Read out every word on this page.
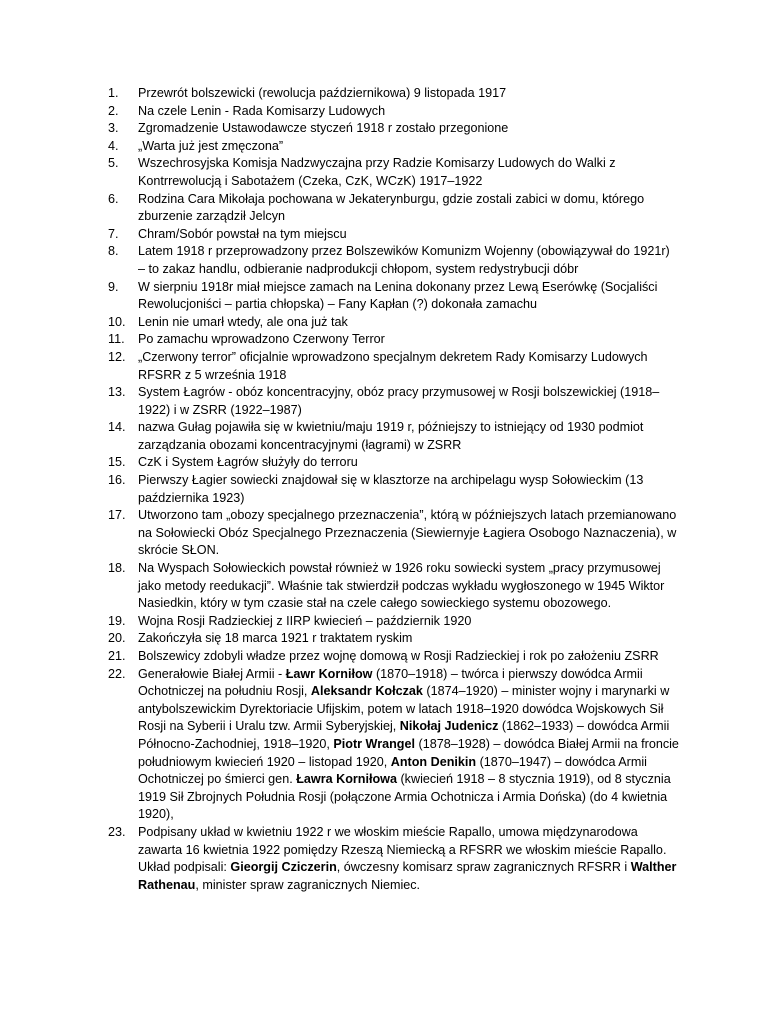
1.	Przewrót bolszewicki (rewolucja październikowa) 9 listopada 1917
2.	Na czele Lenin - Rada Komisarzy Ludowych
3.	Zgromadzenie Ustawodawcze styczeń 1918 r zostało przegonione
4.	„Warta już jest zmęczona”
5.	Wszechrosyjska Komisja Nadzwyczajna przy Radzie Komisarzy Ludowych do Walki z Kontrrewolucją i Sabotażem (Czeka, CzK, WCzK) 1917–1922
6.	Rodzina Cara Mikołaja pochowana w Jekaterynburgu, gdzie zostali zabici w domu, którego zburzenie zarządził Jelcyn
7.	Chram/Sobór powstał na tym miejscu
8.	Latem 1918 r przeprowadzony przez Bolszewików Komunizm Wojenny (obowiązywał do 1921r) – to zakaz handlu, odbieranie nadprodukcji chłopom, system redystrybucji dóbr
9.	W sierpniu 1918r miał miejsce zamach na Lenina dokonany przez Lewą Eserówkę (Socjaliści Rewolucjoniści – partia chłopska) – Fany Kapłan (?) dokonała zamachu
10. Lenin nie umarł wtedy, ale ona już tak
11.	Po zamachu wprowadzono Czerwony Terror
12. „Czerwony terror” oficjalnie wprowadzono specjalnym dekretem Rady Komisarzy Ludowych RFSRR z 5 września 1918
13. System Łagrów - obóz koncentracyjny, obóz pracy przymusowej w Rosji bolszewickiej (1918–1922) i w ZSRR (1922–1987)
14. nazwa Gułag pojawiła się w kwietniu/maju 1919 r, późniejszy to istniejący od 1930 podmiot zarządzania obozami koncentracyjnymi (łagrami) w ZSRR
15. CzK i System Łagrów służyły do terroru
16. Pierwszy Łagier sowiecki znajdował się w klasztorze na archipelagu wysp Sołowieckim (13 października 1923)
17. Utworzono tam „obozy specjalnego przeznaczenia”, którą w późniejszych latach przemianowano na Sołowiecki Obóz Specjalnego Przeznaczenia (Siewiernyje Łagiera Osobogo Naznaczenia), w skrócie SŁON.
18. Na Wyspach Sołowieckich powstał również w 1926 roku sowiecki system „pracy przymusowej jako metody reedukacji”. Właśnie tak stwierdził podczas wykładu wygłoszonego w 1945 Wiktor Nasiedkin, który w tym czasie stał na czele całego sowieckiego systemu obozowego.
19. Wojna Rosji Radzieckiej z IIRP kwiecień – październik 1920
20. Zakończyła się 18 marca 1921 r traktatem ryskim
21. Bolszewicy zdobyli władze przez wojnę domową w Rosji Radzieckiej i rok po założeniu ZSRR
22. Generałowie Białej Armii - Ławr Korniłow (1870–1918) – twórca i pierwszy dowódca Armii Ochotniczej na południu Rosji, Aleksandr Kołczak (1874–1920) – minister wojny i marynarki w antybolszewickim Dyrektoriacie Ufijskim, potem w latach 1918–1920 dowódca Wojskowych Sił Rosji na Syberii i Uralu tzw. Armii Syberyjskiej, Nikołaj Judenicz (1862–1933) – dowódca Armii Północno-Zachodniej, 1918–1920, Piotr Wrangel (1878–1928) – dowódca Białej Armii na froncie południowym kwiecień 1920 – listopad 1920, Anton Denikin (1870–1947) – dowódca Armii Ochotniczej po śmierci gen. Ławra Korniłowa (kwiecień 1918 – 8 stycznia 1919), od 8 stycznia 1919 Sił Zbrojnych Południa Rosji (połączone Armia Ochotnicza i Armia Dońska) (do 4 kwietnia 1920),
23. Podpisany układ w kwietniu 1922 r we włoskim mieście Rapallo, umowa międzynarodowa zawarta 16 kwietnia 1922 pomiędzy Rzeszą Niemiecką a RFSRR we włoskim mieście Rapallo. Układ podpisali: Gieorgij Cziczerin, ówczesny komisarz spraw zagranicznych RFSRR i Walther Rathenau, minister spraw zagranicznych Niemiec.
